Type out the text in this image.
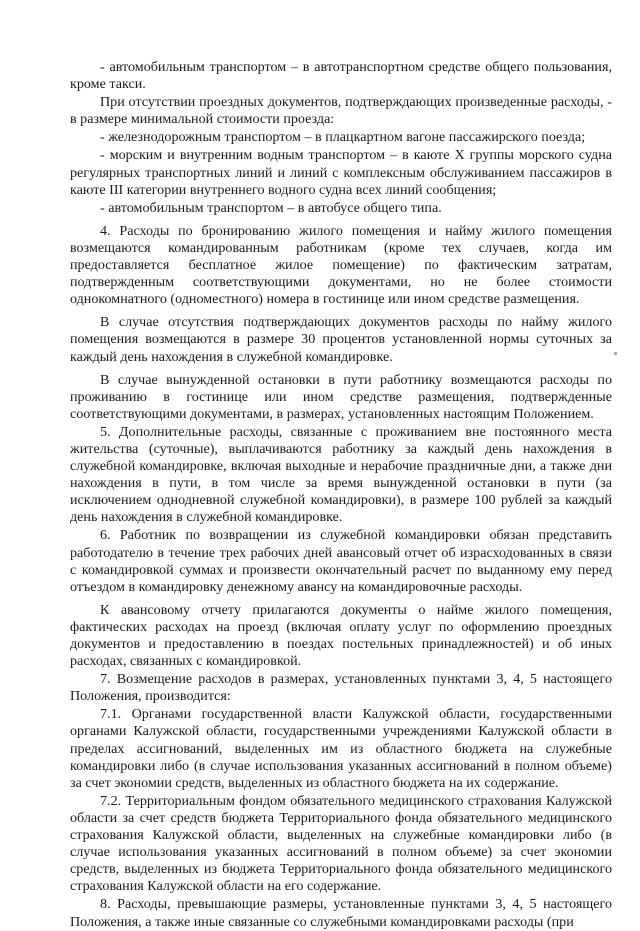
- автомобильным транспортом – в автотранспортном средстве общего пользования, кроме такси.

При отсутствии проездных документов, подтверждающих произведенные расходы, - в размере минимальной стоимости проезда:

- железнодорожным транспортом – в плацкартном вагоне пассажирского поезда;

- морским и внутренним водным транспортом – в каюте X группы морского судна регулярных транспортных линий и линий с комплексным обслуживанием пассажиров в каюте III категории внутреннего водного судна всех линий сообщения;

- автомобильным транспортом – в автобусе общего типа.

4. Расходы по бронированию жилого помещения и найму жилого помещения возмещаются командированным работникам (кроме тех случаев, когда им предоставляется бесплатное жилое помещение) по фактическим затратам, подтвержденным соответствующими документами, но не более стоимости однокомнатного (одноместного) номера в гостинице или ином средстве размещения.

В случае отсутствия подтверждающих документов расходы по найму жилого помещения возмещаются в размере 30 процентов установленной нормы суточных за каждый день нахождения в служебной командировке.

В случае вынужденной остановки в пути работнику возмещаются расходы по проживанию в гостинице или ином средстве размещения, подтвержденные соответствующими документами, в размерах, установленных настоящим Положением.

5. Дополнительные расходы, связанные с проживанием вне постоянного места жительства (суточные), выплачиваются работнику за каждый день нахождения в служебной командировке, включая выходные и нерабочие праздничные дни, а также дни нахождения в пути, в том числе за время вынужденной остановки в пути (за исключением однодневной служебной командировки), в размере 100 рублей за каждый день нахождения в служебной командировке.

6. Работник по возвращении из служебной командировки обязан представить работодателю в течение трех рабочих дней авансовый отчет об израсходованных в связи с командировкой суммах и произвести окончательный расчет по выданному ему перед отъездом в командировку денежному авансу на командировочные расходы.

К авансовому отчету прилагаются документы о найме жилого помещения, фактических расходах на проезд (включая оплату услуг по оформлению проездных документов и предоставлению в поездах постельных принадлежностей) и об иных расходах, связанных с командировкой.

7. Возмещение расходов в размерах, установленных пунктами 3, 4, 5 настоящего Положения, производится:

7.1. Органами государственной власти Калужской области, государственными органами Калужской области, государственными учреждениями Калужской области в пределах ассигнований, выделенных им из областного бюджета на служебные командировки либо (в случае использования указанных ассигнований в полном объеме) за счет экономии средств, выделенных из областного бюджета на их содержание.

7.2. Территориальным фондом обязательного медицинского страхования Калужской области за счет средств бюджета Территориального фонда обязательного медицинского страхования Калужской области, выделенных на служебные командировки либо (в случае использования указанных ассигнований в полном объеме) за счет экономии средств, выделенных из бюджета Территориального фонда обязательного медицинского страхования Калужской области на его содержание.

8. Расходы, превышающие размеры, установленные пунктами 3, 4, 5 настоящего Положения, а также иные связанные со служебными командировками расходы (при
